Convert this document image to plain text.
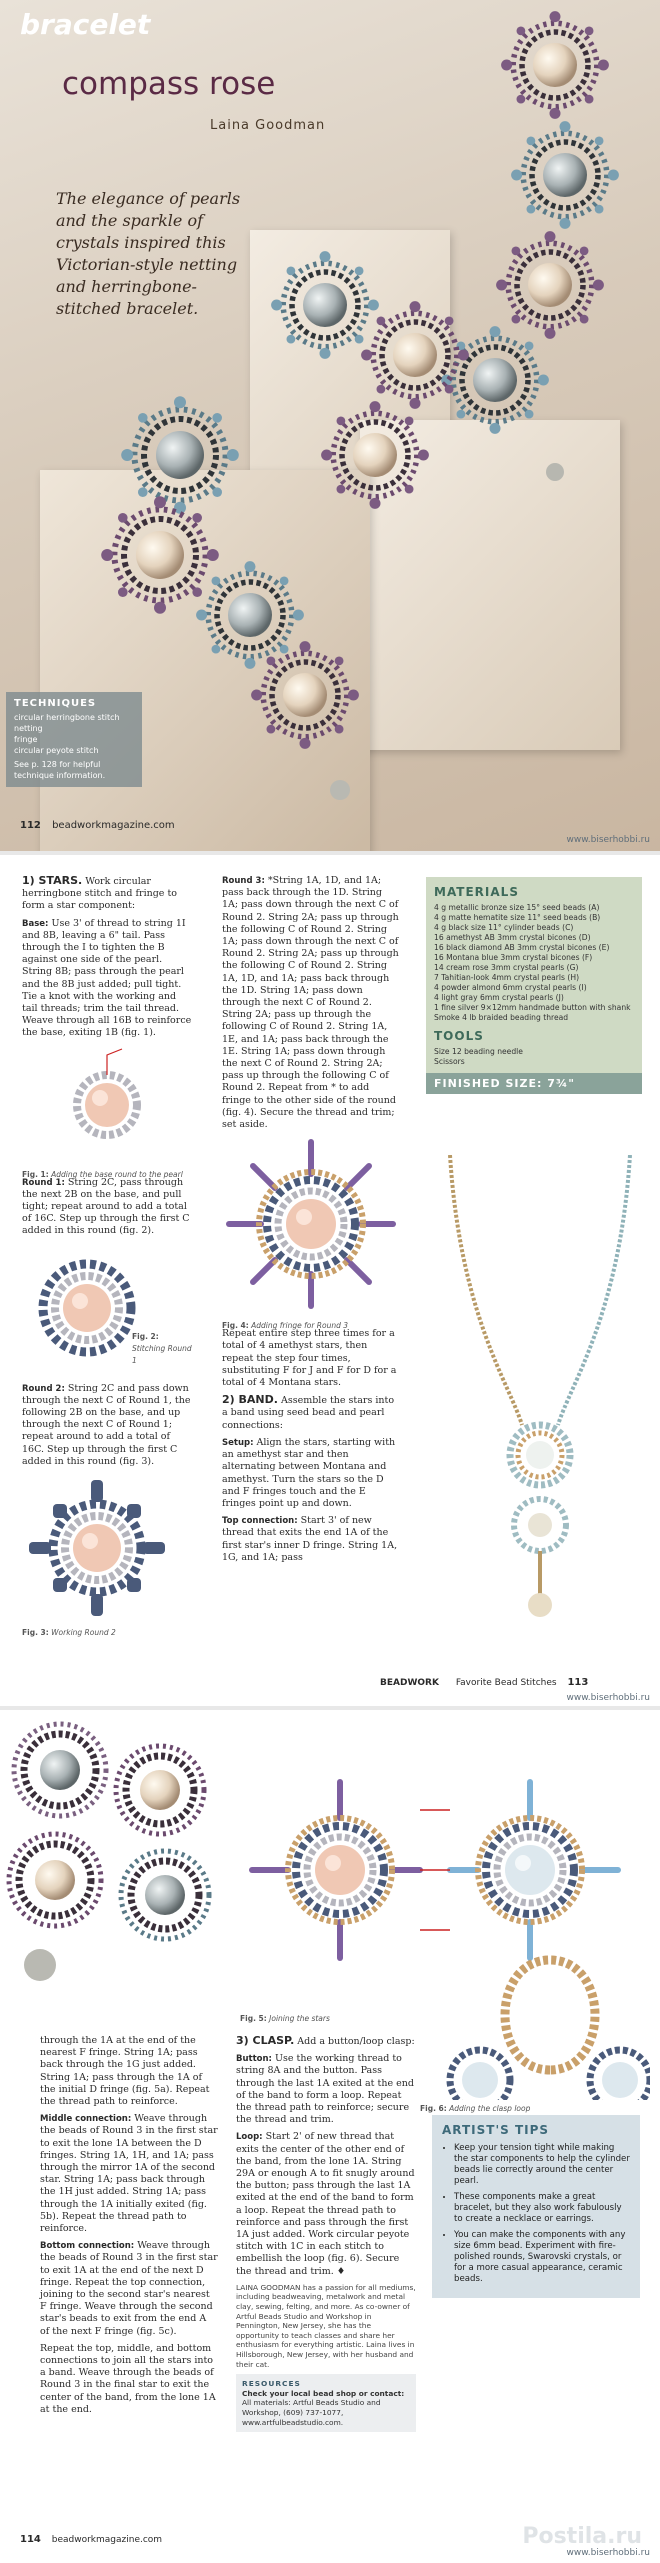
bracelet
compass rose
Laina Goodman
The elegance of pearls and the sparkle of crystals inspired this Victorian-style netting and herringbone-stitched bracelet.
TECHNIQUES
circular herringbone stitch
netting
fringe
circular peyote stitch
See p. 128 for helpful technique information.
112 beadworkmagazine.com
www.biserhobbi.ru

1) STARS. Work circular herringbone stitch and fringe to form a star component:

Base: Use 3' of thread to string 1I and 8B, leaving a 6" tail. Pass through the I to tighten the B against one side of the pearl. String 8B; pass through the pearl and the 8B just added; pull tight. Tie a knot with the working and tail threads; trim the tail thread. Weave through all 16B to reinforce the base, exiting 1B (fig. 1).

Fig. 1: Adding the base round to the pearl

Round 1: String 2C, pass through the next 2B on the base, and pull tight; repeat around to add a total of 16C. Step up through the first C added in this round (fig. 2).

Fig. 2: Stitching Round 1

Round 2: String 2C and pass down through the next C of Round 1, the following 2B on the base, and up through the next C of Round 1; repeat around to add a total of 16C. Step up through the first C added in this round (fig. 3).

Fig. 3: Working Round 2

Round 3: *String 1A, 1D, and 1A; pass back through the 1D. String 1A; pass down through the next C of Round 2. String 2A; pass up through the following C of Round 2. String 1A; pass down through the next C of Round 2. String 2A; pass up through the following C of Round 2. String 1A, 1D, and 1A; pass back through the 1D. String 1A; pass down through the next C of Round 2. String 2A; pass up through the following C of Round 2. String 1A, 1E, and 1A; pass back through the 1E. String 1A; pass down through the next C of Round 2. String 2A; pass up through the following C of Round 2. Repeat from * to add fringe to the other side of the round (fig. 4). Secure the thread and trim; set aside.

Fig. 4: Adding fringe for Round 3

Repeat entire step three times for a total of 4 amethyst stars, then repeat the step four times, substituting F for J and F for D for a total of 4 Montana stars.

2) BAND. Assemble the stars into a band using seed bead and pearl connections:

Setup: Align the stars, starting with an amethyst star and then alternating between Montana and amethyst. Turn the stars so the D and F fringes touch and the E fringes point up and down.

Top connection: Start 3' of new thread that exits the end 1A of the first star's inner D fringe. String 1A, 1G, and 1A; pass

MATERIALS
4 g metallic bronze size 15° seed beads (A)
4 g matte hematite size 11° seed beads (B)
4 g black size 11° cylinder beads (C)
16 amethyst AB 3mm crystal bicones (D)
16 black diamond AB 3mm crystal bicones (E)
16 Montana blue 3mm crystal bicones (F)
14 cream rose 3mm crystal pearls (G)
7 Tahitian-look 4mm crystal pearls (H)
4 powder almond 6mm crystal pearls (I)
4 light gray 6mm crystal pearls (J)
1 fine silver 9×12mm handmade button with shank
Smoke 4 lb braided beading thread
TOOLS
Size 12 beading needle
Scissors
FINISHED SIZE: 7¾"
BEADWORK Favorite Bead Stitches 113
www.biserhobbi.ru
Fig. 5: Joining the stars
Fig. 6: Adding the clasp loop

through the 1A at the end of the nearest F fringe. String 1A; pass back through the 1G just added. String 1A; pass through the 1A of the initial D fringe (fig. 5a). Repeat the thread path to reinforce.

Middle connection: Weave through the beads of Round 3 in the first star to exit the lone 1A between the D fringes. String 1A, 1H, and 1A; pass through the mirror 1A of the second star. String 1A; pass back through the 1H just added. String 1A; pass through the 1A initially exited (fig. 5b). Repeat the thread path to reinforce.

Bottom connection: Weave through the beads of Round 3 in the first star to exit 1A at the end of the next D fringe. Repeat the top connection, joining to the second star's nearest F fringe. Weave through the second star's beads to exit from the end A of the next F fringe (fig. 5c).

Repeat the top, middle, and bottom connections to join all the stars into a band. Weave through the beads of Round 3 in the final star to exit the center of the band, from the lone 1A at the end.

3) CLASP. Add a button/loop clasp:

Button: Use the working thread to string 8A and the button. Pass through the last 1A exited at the end of the band to form a loop. Repeat the thread path to reinforce; secure the thread and trim.

Loop: Start 2' of new thread that exits the center of the other end of the band, from the lone 1A. String 29A or enough A to fit snugly around the button; pass through the last 1A exited at the end of the band to form a loop. Repeat the thread path to reinforce and pass through the first 1A just added. Work circular peyote stitch with 1C in each stitch to embellish the loop (fig. 6). Secure the thread and trim. ♦

LAINA GOODMAN has a passion for all mediums, including beadweaving, metalwork and metal clay, sewing, felting, and more. As co-owner of Artful Beads Studio and Workshop in Pennington, New Jersey, she has the opportunity to teach classes and share her enthusiasm for everything artistic. Laina lives in Hillsborough, New Jersey, with her husband and their cat.

RESOURCES
Check your local bead shop or contact:
All materials: Artful Beads Studio and Workshop, (609) 737-1077, www.artfulbeadstudio.com.
ARTIST'S TIPS
• Keep your tension tight while making the star components to help the cylinder beads lie correctly around the center pearl.
• These components make a great bracelet, but they also work fabulously to create a necklace or earrings.
• You can make the components with any size 6mm bead. Experiment with fire-polished rounds, Swarovski crystals, or for a more casual appearance, ceramic beads.
Postila.ru
114 beadworkmagazine.com
www.biserhobbi.ru
